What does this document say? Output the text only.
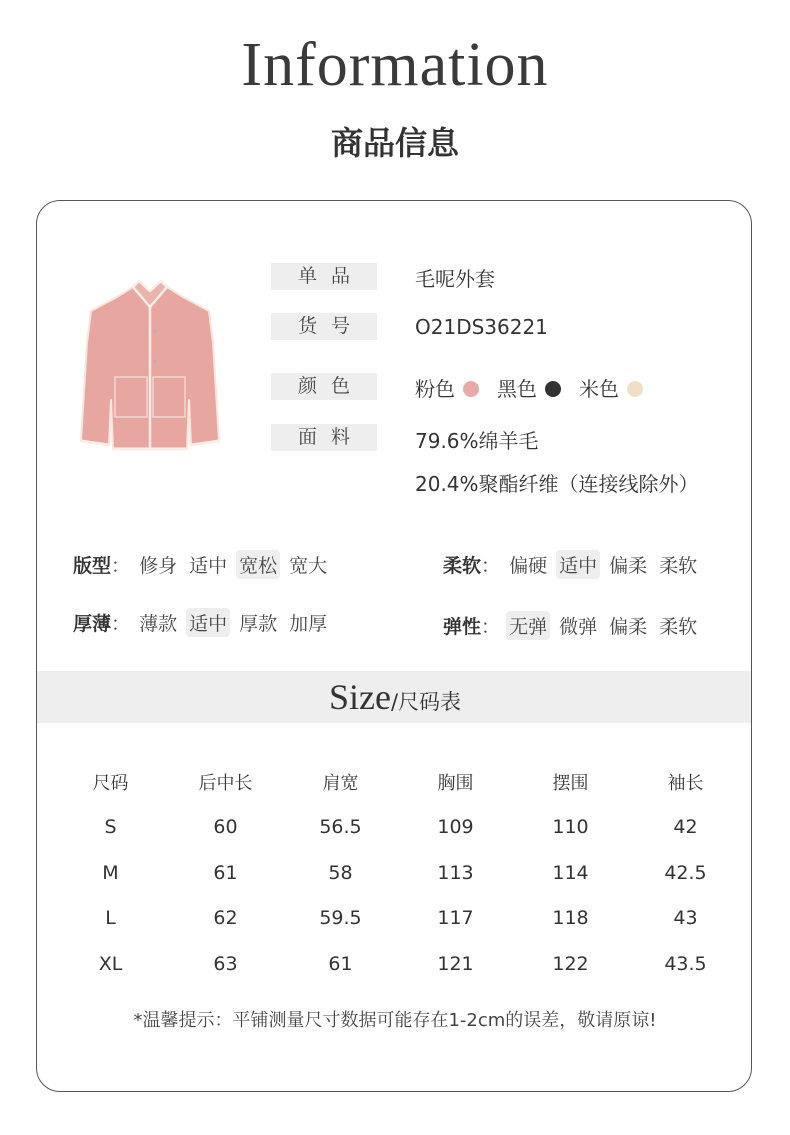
Information
商品信息
单品	毛呢外套
货号	O21DS36221
颜色	粉色 黑色 米色
面料	79.6%绵羊毛
20.4%聚酯纤维（连接线除外）
版型： 修身 适中 宽松 宽大	柔软： 偏硬 适中 偏柔 柔软
厚薄： 薄款 适中 厚款 加厚	弹性： 无弹 微弹 偏柔 柔软
Size/尺码表
尺码	后中长	肩宽	胸围	摆围	袖长
S	60	56.5	109	110	42
M	61	58	113	114	42.5
L	62	59.5	117	118	43
XL	63	61	121	122	43.5
*温馨提示：平铺测量尺寸数据可能存在1-2cm的误差，敬请原谅!
